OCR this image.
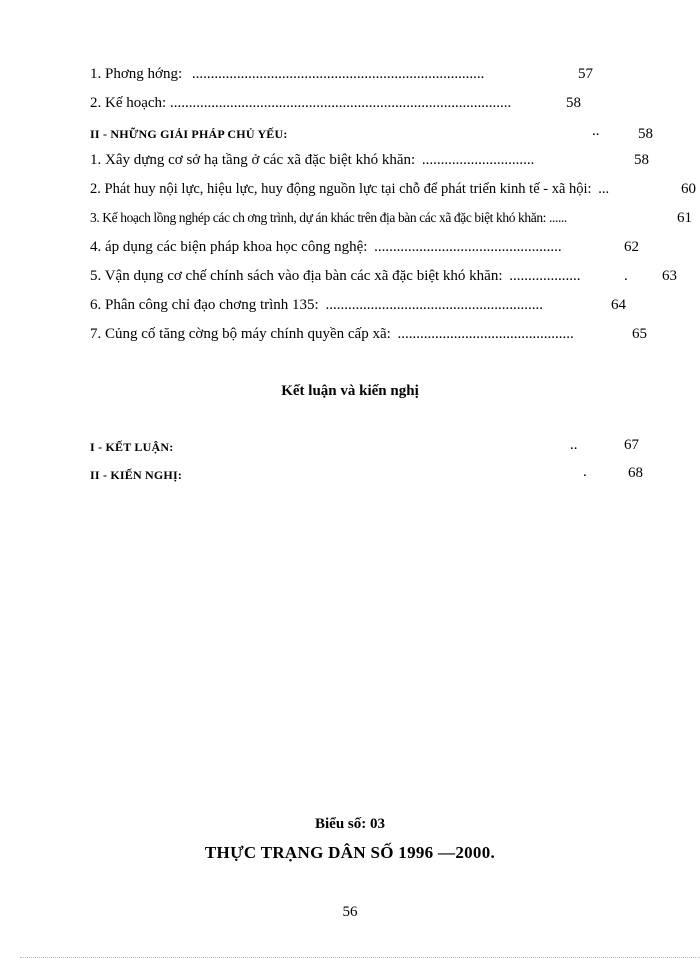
1. Phơng hớng: ..............................................................................	57
2. Kế hoạch: ...........................................................................................	58
II - NHỮNG GIẢI PHÁP CHỦ YẾU:	..	58
1. Xây dựng cơ sở hạ tầng ở các xã đặc biệt khó khăn: ..............................	58
2. Phát huy nội lực, hiệu lực, huy động nguồn lực tại chỗ để phát triển kinh tế - xã hội: ...	60
3. Kế hoạch lồng nghép các ch ơng trình, dự án khác trên địa bàn các xã đặc biệt khó khăn: ......	61
4. áp dụng các biện pháp khoa học công nghệ: ..................................................	62
5. Vận dụng cơ chế chính sách vào địa bàn các xã đặc biệt khó khăn: ...................	. 63
6. Phân công chỉ đạo chơng trình 135: ..........................................................	64
7. Củng cố tăng cờng bộ máy chính quyền cấp xã: ...............................................	65
Kết luận và kiến nghị
I - KẾT LUẬN:	..	67
II - KIẾN NGHỊ:	.	68
Biểu số: 03
THỰC TRẠNG DÂN SỐ 1996 —2000.
56
